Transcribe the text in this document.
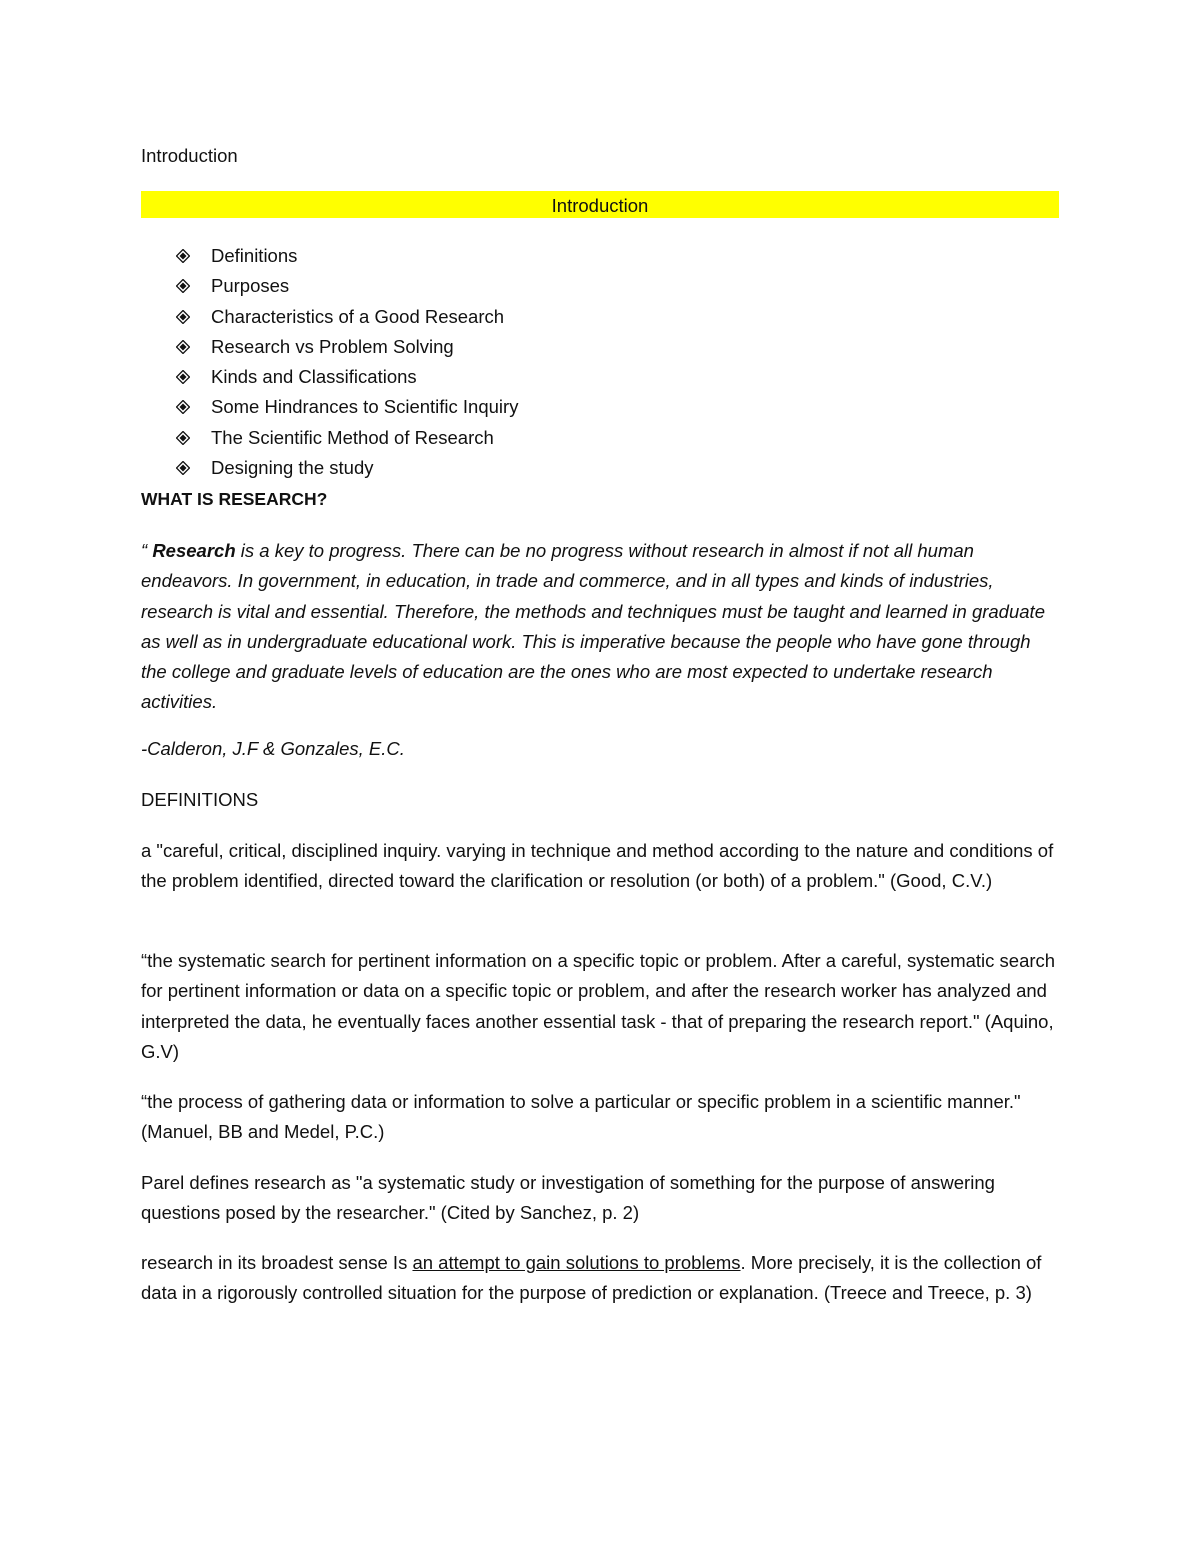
Introduction
Introduction
Definitions
Purposes
Characteristics of a Good Research
Research vs Problem Solving
Kinds and Classifications
Some Hindrances to Scientific Inquiry
The Scientific Method of Research
Designing the study
WHAT IS RESEARCH?

“ Research is a key to progress. There can be no progress without research in almost if not all human endeavors. In government, in education, in trade and commerce, and in all types and kinds of industries, research is vital and essential. Therefore, the methods and techniques must be taught and learned in graduate as well as in undergraduate educational work. This is imperative because the people who have gone through the college and graduate levels of education are the ones who are most expected to undertake research activities.

-Calderon, J.F & Gonzales, E.C.
DEFINITIONS

a "careful, critical, disciplined inquiry. varying in technique and method according to the nature and conditions of the problem identified, directed toward the clarification or resolution (or both) of a problem." (Good, C.V.)

“the systematic search for pertinent information on a specific topic or problem. After a careful, systematic search for pertinent information or data on a specific topic or problem, and after the research worker has analyzed and interpreted the data, he eventually faces another essential task - that of preparing the research report." (Aquino, G.V)

“the process of gathering data or information to solve a particular or specific problem in a scientific manner." (Manuel, BB and Medel, P.C.)

Parel defines research as "a systematic study or investigation of something for the purpose of answering questions posed by the researcher." (Cited by Sanchez, p. 2)

research in its broadest sense Is an attempt to gain solutions to problems. More precisely, it is the collection of data in a rigorously controlled situation for the purpose of prediction or explanation. (Treece and Treece, p. 3)
